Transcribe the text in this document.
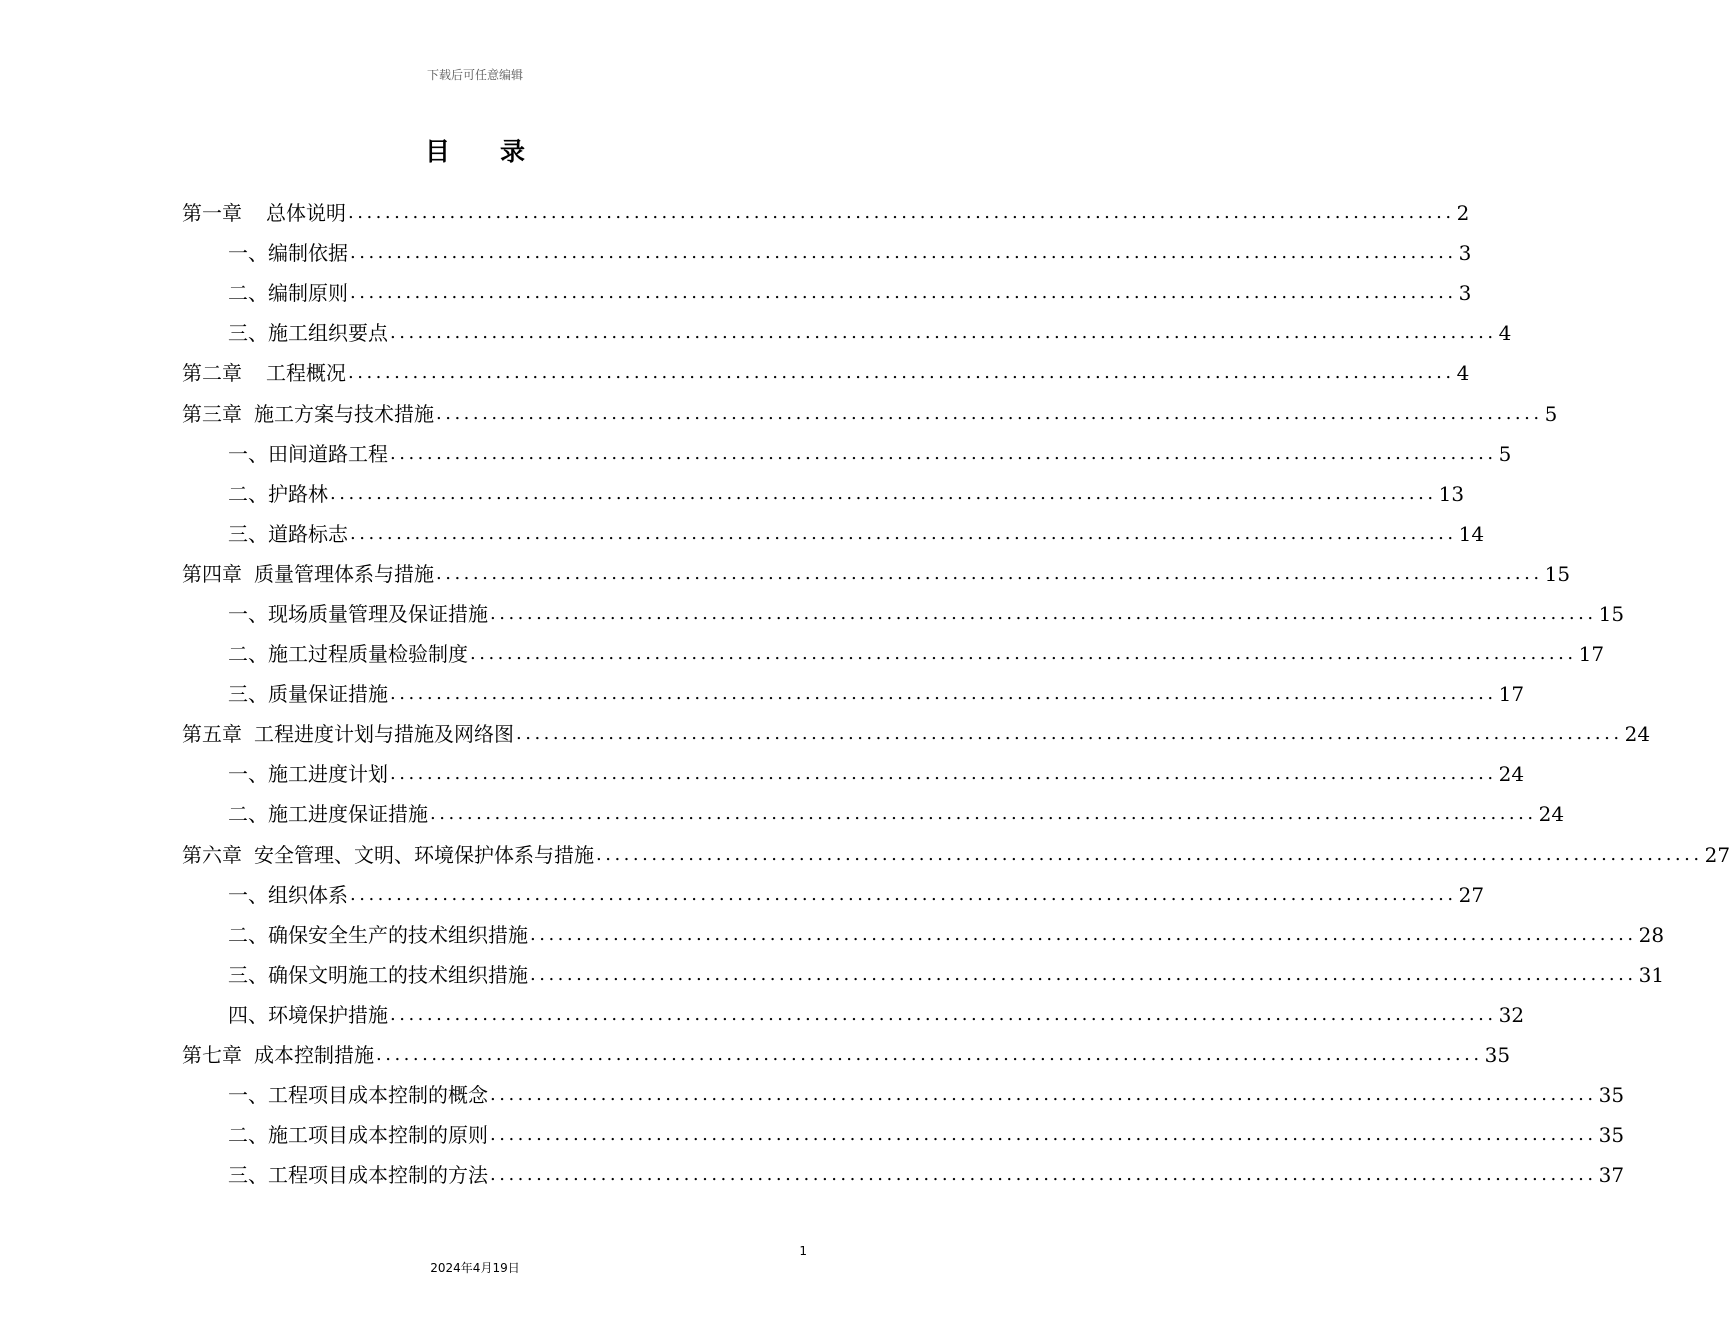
下载后可任意编辑
目 录
第一章 总体说明 ........................................................................................................................ 2
一、编制依据 ........................................................................................................................ 3
二、编制原则 ........................................................................................................................ 3
三、施工组织要点 ........................................................................................................................ 4
第二章 工程概况 ........................................................................................................................ 4
第三章 施工方案与技术措施 ........................................................................................................................ 5
一、田间道路工程 ........................................................................................................................ 5
二、护路林 ........................................................................................................................ 13
三、道路标志 ........................................................................................................................ 14
第四章 质量管理体系与措施 ........................................................................................................................ 15
一、现场质量管理及保证措施 ........................................................................................................................ 15
二、施工过程质量检验制度 ........................................................................................................................ 17
三、质量保证措施 ........................................................................................................................ 17
第五章 工程进度计划与措施及网络图 ........................................................................................................................ 24
一、施工进度计划 ........................................................................................................................ 24
二、施工进度保证措施 ........................................................................................................................ 24
第六章 安全管理、文明、环境保护体系与措施 ........................................................................................................................ 27
一、组织体系 ........................................................................................................................ 27
二、确保安全生产的技术组织措施 ........................................................................................................................ 28
三、确保文明施工的技术组织措施 ........................................................................................................................ 31
四、环境保护措施 ........................................................................................................................ 32
第七章 成本控制措施 ........................................................................................................................ 35
一、工程项目成本控制的概念 ........................................................................................................................ 35
二、施工项目成本控制的原则 ........................................................................................................................ 35
三、工程项目成本控制的方法 ........................................................................................................................ 37
1
2024年4月19日
